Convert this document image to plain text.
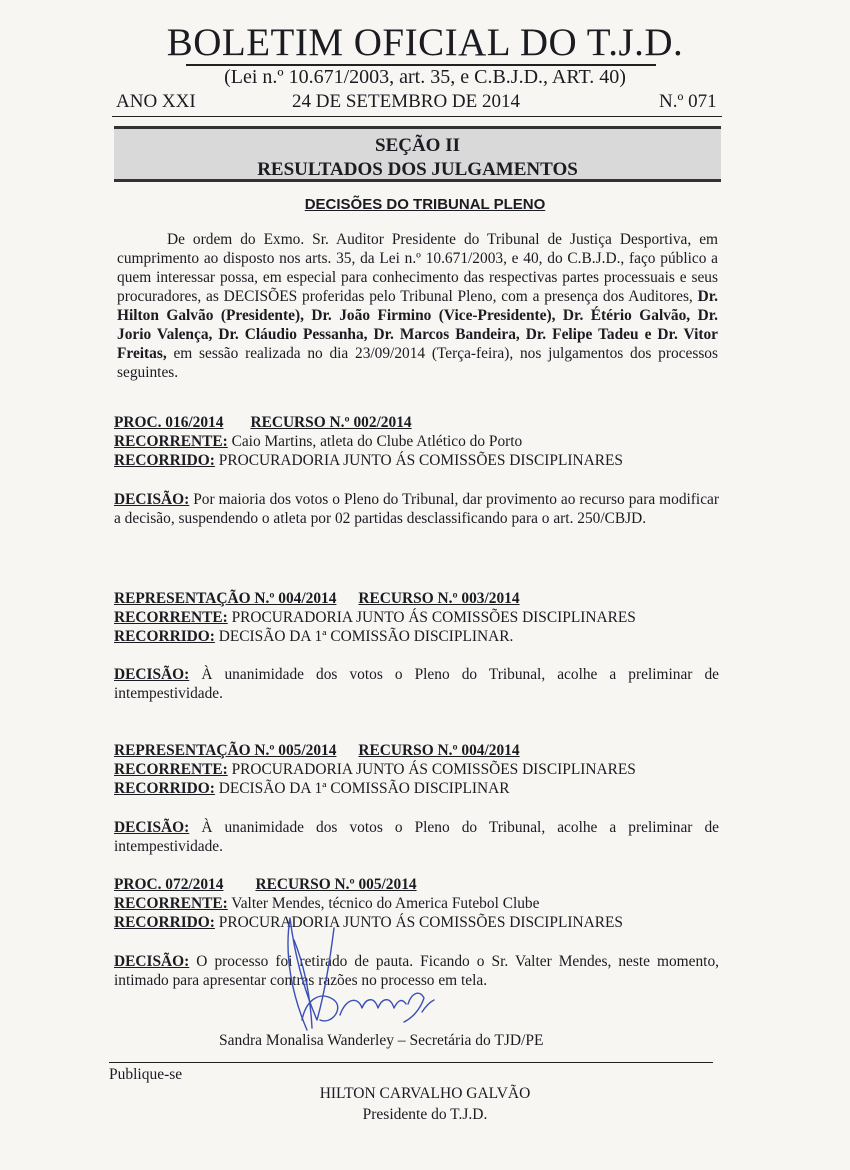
BOLETIM OFICIAL DO T.J.D.
(Lei n.º 10.671/2003, art. 35, e C.B.J.D., ART. 40)
ANO XXI	24 DE SETEMBRO DE 2014	N.º 071
SEÇÃO II
RESULTADOS DOS JULGAMENTOS
DECISÕES DO TRIBUNAL PLENO
De ordem do Exmo. Sr. Auditor Presidente do Tribunal de Justiça Desportiva, em cumprimento ao disposto nos arts. 35, da Lei n.º 10.671/2003, e 40, do C.B.J.D., faço público a quem interessar possa, em especial para conhecimento das respectivas partes processuais e seus procuradores, as DECISÕES proferidas pelo Tribunal Pleno, com a presença dos Auditores, Dr. Hilton Galvão (Presidente), Dr. João Firmino (Vice-Presidente), Dr. Étério Galvão, Dr. Jorio Valença, Dr. Cláudio Pessanha, Dr. Marcos Bandeira, Dr. Felipe Tadeu e Dr. Vitor Freitas, em sessão realizada no dia 23/09/2014 (Terça-feira), nos julgamentos dos processos seguintes.
PROC. 016/2014 RECURSO N.º 002/2014
RECORRENTE: Caio Martins, atleta do Clube Atlético do Porto
RECORRIDO: PROCURADORIA JUNTO ÁS COMISSÕES DISCIPLINARES
DECISÃO: Por maioria dos votos o Pleno do Tribunal, dar provimento ao recurso para modificar a decisão, suspendendo o atleta por 02 partidas desclassificando para o art. 250/CBJD.
REPRESENTAÇÃO N.º 004/2014 RECURSO N.º 003/2014
RECORRENTE: PROCURADORIA JUNTO ÁS COMISSÕES DISCIPLINARES
RECORRIDO: DECISÃO DA 1ª COMISSÃO DISCIPLINAR.
DECISÃO: À unanimidade dos votos o Pleno do Tribunal, acolhe a preliminar de intempestividade.
REPRESENTAÇÃO N.º 005/2014 RECURSO N.º 004/2014
RECORRENTE: PROCURADORIA JUNTO ÁS COMISSÕES DISCIPLINARES
RECORRIDO: DECISÃO DA 1ª COMISSÃO DISCIPLINAR
DECISÃO: À unanimidade dos votos o Pleno do Tribunal, acolhe a preliminar de intempestividade.
PROC. 072/2014 RECURSO N.º 005/2014
RECORRENTE: Valter Mendes, técnico do America Futebol Clube
RECORRIDO: PROCURADORIA JUNTO ÁS COMISSÕES DISCIPLINARES
DECISÃO: O processo foi retirado de pauta. Ficando o Sr. Valter Mendes, neste momento, intimado para apresentar contras razões no processo em tela.
Sandra Monalisa Wanderley – Secretária do TJD/PE
Publique-se
HILTON CARVALHO GALVÃO
Presidente do T.J.D.
